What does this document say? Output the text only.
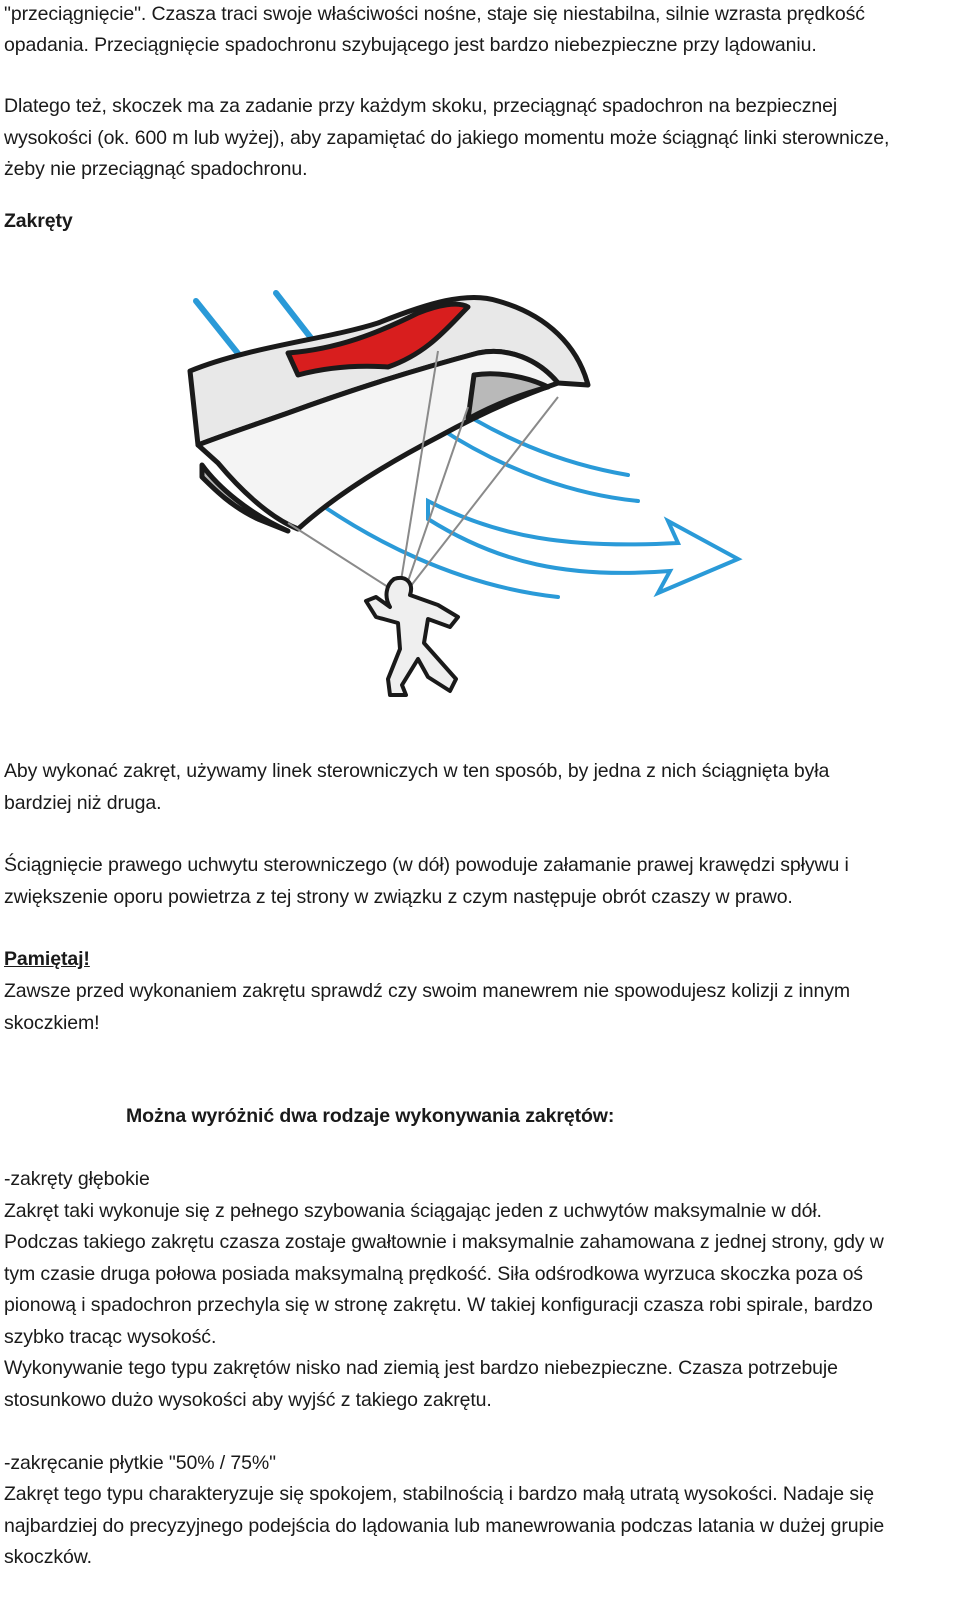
"przeciągnięcie". Czasza traci swoje właściwości nośne, staje się niestabilna, silnie wzrasta prędkość
opadania. Przeciągnięcie spadochronu szybującego jest bardzo niebezpieczne przy lądowaniu.
Dlatego też, skoczek ma za zadanie przy każdym skoku, przeciągnąć spadochron na bezpiecznej
wysokości (ok. 600 m lub wyżej), aby zapamiętać do jakiego momentu może ściągnąć linki sterownicze,
żeby nie przeciągnąć spadochronu.
Zakręty
Aby wykonać zakręt, używamy linek sterowniczych w ten sposób, by jedna z nich ściągnięta była
bardziej niż druga.
Ściągnięcie prawego uchwytu sterowniczego (w dół) powoduje załamanie prawej krawędzi spływu i
zwiększenie oporu powietrza z tej strony w związku z czym następuje obrót czaszy w prawo.
Pamiętaj!
Zawsze przed wykonaniem zakrętu sprawdź czy swoim manewrem nie spowodujesz kolizji z innym
skoczkiem!
Można wyróżnić dwa rodzaje wykonywania zakrętów:
-zakręty głębokie
Zakręt taki wykonuje się z pełnego szybowania ściągając jeden z uchwytów maksymalnie w dół.
Podczas takiego zakrętu czasza zostaje gwałtownie i maksymalnie zahamowana z jednej strony, gdy w
tym czasie druga połowa posiada maksymalną prędkość. Siła odśrodkowa wyrzuca skoczka poza oś
pionową i spadochron przechyla się w stronę zakrętu. W takiej konfiguracji czasza robi spirale, bardzo
szybko tracąc wysokość.
Wykonywanie tego typu zakrętów nisko nad ziemią jest bardzo niebezpieczne. Czasza potrzebuje
stosunkowo dużo wysokości aby wyjść z takiego zakrętu.
-zakręcanie płytkie "50% / 75%"
Zakręt tego typu charakteryzuje się spokojem, stabilnością i bardzo małą utratą wysokości. Nadaje się
najbardziej do precyzyjnego podejścia do lądowania lub manewrowania podczas latania w dużej grupie
skoczków.
